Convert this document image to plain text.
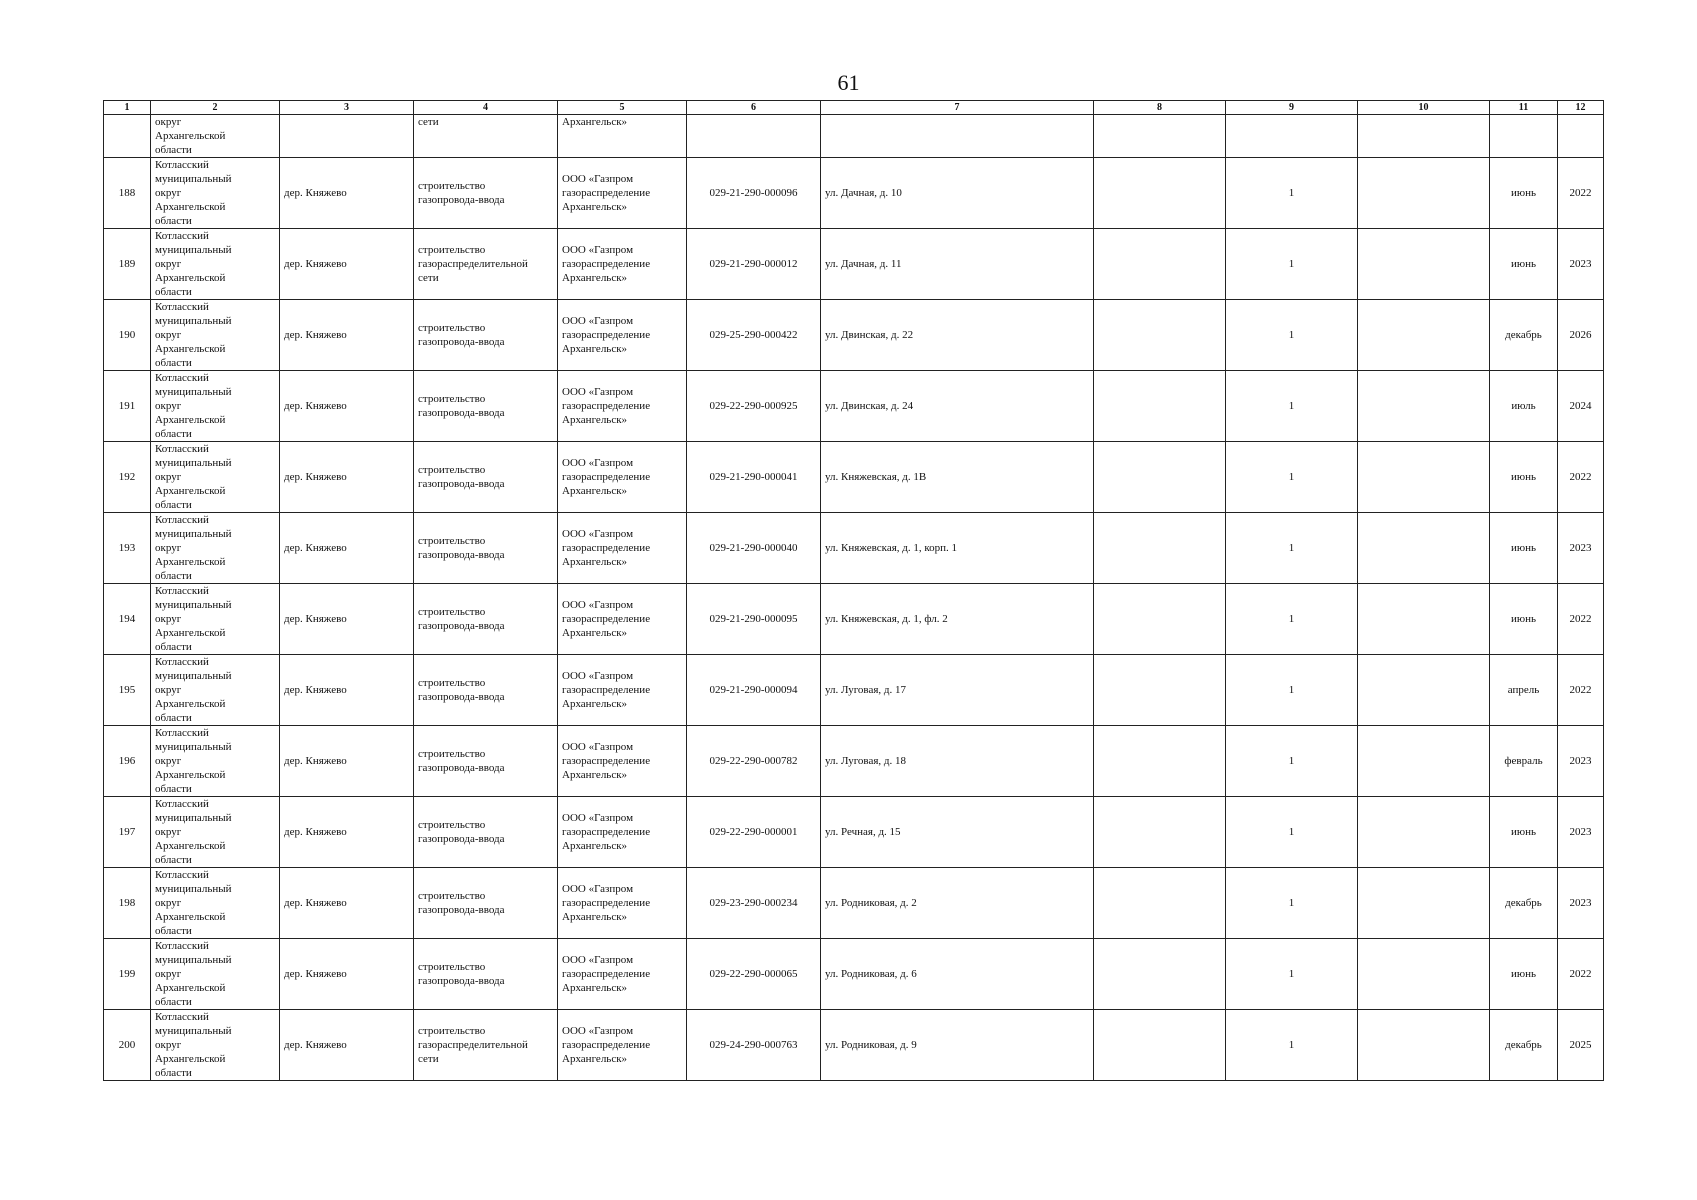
61
1	2	3	4	5	6	7	8	9	10	11	12
	округ
Архангельской
области		сети	Архангельск»							
188	Котласский
муниципальный
округ
Архангельской
области	дер. Княжево	строительство
газопровода-ввода	ООО «Газпром
газораспределение
Архангельск»	029-21-290-000096	ул. Дачная, д. 10		1		июнь	2022
189	Котласский
муниципальный
округ
Архангельской
области	дер. Княжево	строительство
газораспределительной
сети	ООО «Газпром
газораспределение
Архангельск»	029-21-290-000012	ул. Дачная, д. 11		1		июнь	2023
190	Котласский
муниципальный
округ
Архангельской
области	дер. Княжево	строительство
газопровода-ввода	ООО «Газпром
газораспределение
Архангельск»	029-25-290-000422	ул. Двинская, д. 22		1		декабрь	2026
191	Котласский
муниципальный
округ
Архангельской
области	дер. Княжево	строительство
газопровода-ввода	ООО «Газпром
газораспределение
Архангельск»	029-22-290-000925	ул. Двинская, д. 24		1		июль	2024
192	Котласский
муниципальный
округ
Архангельской
области	дер. Княжево	строительство
газопровода-ввода	ООО «Газпром
газораспределение
Архангельск»	029-21-290-000041	ул. Княжевская, д. 1В		1		июнь	2022
193	Котласский
муниципальный
округ
Архангельской
области	дер. Княжево	строительство
газопровода-ввода	ООО «Газпром
газораспределение
Архангельск»	029-21-290-000040	ул. Княжевская, д. 1, корп. 1		1		июнь	2023
194	Котласский
муниципальный
округ
Архангельской
области	дер. Княжево	строительство
газопровода-ввода	ООО «Газпром
газораспределение
Архангельск»	029-21-290-000095	ул. Княжевская, д. 1, фл. 2		1		июнь	2022
195	Котласский
муниципальный
округ
Архангельской
области	дер. Княжево	строительство
газопровода-ввода	ООО «Газпром
газораспределение
Архангельск»	029-21-290-000094	ул. Луговая, д. 17		1		апрель	2022
196	Котласский
муниципальный
округ
Архангельской
области	дер. Княжево	строительство
газопровода-ввода	ООО «Газпром
газораспределение
Архангельск»	029-22-290-000782	ул. Луговая, д. 18		1		февраль	2023
197	Котласский
муниципальный
округ
Архангельской
области	дер. Княжево	строительство
газопровода-ввода	ООО «Газпром
газораспределение
Архангельск»	029-22-290-000001	ул. Речная, д. 15		1		июнь	2023
198	Котласский
муниципальный
округ
Архангельской
области	дер. Княжево	строительство
газопровода-ввода	ООО «Газпром
газораспределение
Архангельск»	029-23-290-000234	ул. Родниковая, д. 2		1		декабрь	2023
199	Котласский
муниципальный
округ
Архангельской
области	дер. Княжево	строительство
газопровода-ввода	ООО «Газпром
газораспределение
Архангельск»	029-22-290-000065	ул. Родниковая, д. 6		1		июнь	2022
200	Котласский
муниципальный
округ
Архангельской
области	дер. Княжево	строительство
газораспределительной
сети	ООО «Газпром
газораспределение
Архангельск»	029-24-290-000763	ул. Родниковая, д. 9		1		декабрь	2025
